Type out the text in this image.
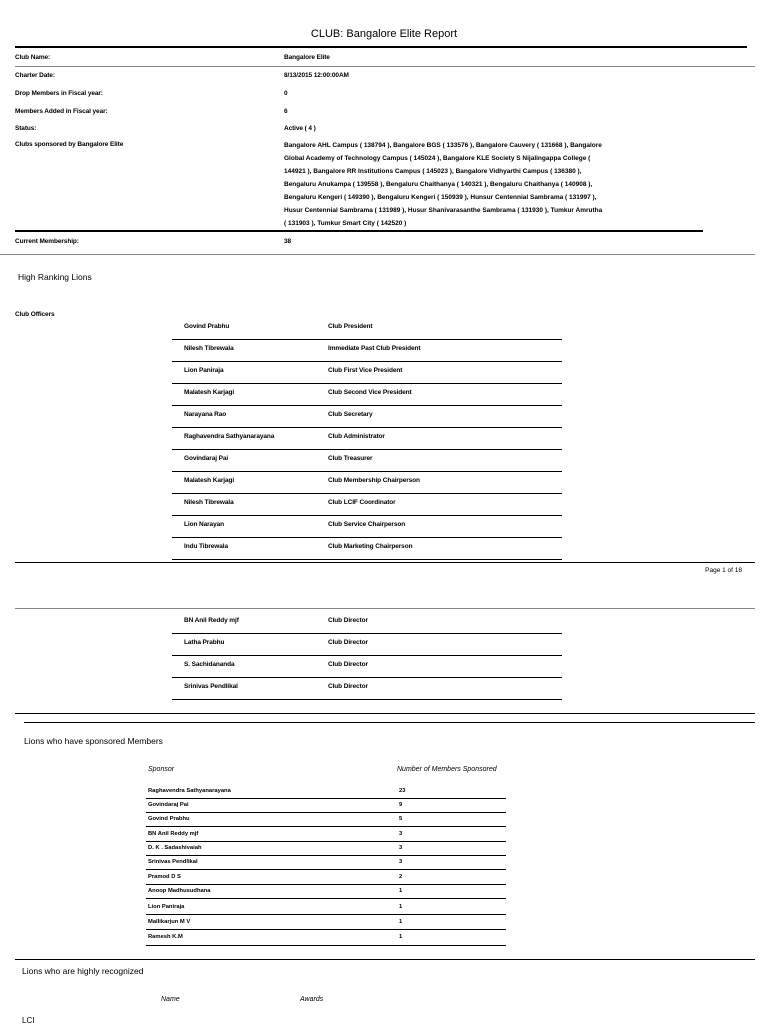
CLUB: Bangalore Elite Report
Club Name:	Bangalore Elite
Charter Date:	8/13/2015 12:00:00AM
Drop Members in Fiscal year:	0
Members Added in Fiscal year:	6
Status:	Active ( 4 )
Clubs sponsored by Bangalore Elite	Bangalore AHL Campus ( 138794 ), Bangalore BGS ( 133576 ), Bangalore Cauvery ( 131668 ), Bangalore
Global Academy of Technology Campus ( 145024 ), Bangalore KLE Society S Nijalingappa College (
144921 ), Bangalore RR Institutions Campus ( 145023 ), Bangalore Vidhyarthi Campus ( 136380 ),
Bengaluru Anukampa ( 139558 ), Bengaluru Chaithanya ( 140321 ), Bengaluru Chaithanya ( 140908 ),
Bengaluru Kengeri ( 149390 ), Bengaluru Kengeri ( 150939 ), Hunsur Centennial Sambrama ( 131997 ),
Husur Centennial Sambrama ( 131989 ), Husur Shanivarasanthe Sambrama ( 131930 ), Tumkur Amrutha
( 131903 ), Tumkur Smart City ( 142520 )
Current Membership:	38
High Ranking Lions
Club Officers
Govind Prabhu	Club President
Nilesh Tibrewala	Immediate Past Club President
Lion Paniraja	Club First Vice President
Malatesh Karjagi	Club Second Vice President
Narayana Rao	Club Secretary
Raghavendra Sathyanarayana	Club Administrator
Govindaraj Pai	Club Treasurer
Malatesh Karjagi	Club Membership Chairperson
Nilesh Tibrewala	Club LCIF Coordinator
Lion Narayan	Club Service Chairperson
Indu Tibrewala	Club Marketing Chairperson
Page 1 of 18
BN Anil Reddy mjf	Club Director
Latha Prabhu	Club Director
S. Sachidananda	Club Director
Srinivas Pendlikal	Club Director
Lions who have sponsored Members
Sponsor	Number of Members Sponsored
Raghavendra Sathyanarayana	23
Govindaraj Pai	9
Govind Prabhu	5
BN Anil Reddy mjf	3
D. K . Sadashivaiah	3
Srinivas Pendlikal	3
Pramod D S	2
Anoop Madhusudhana	1
Lion Paniraja	1
Mallikarjun M V	1
Ramesh K.M	1
Lions who are highly recognized
Name	Awards
LCI
